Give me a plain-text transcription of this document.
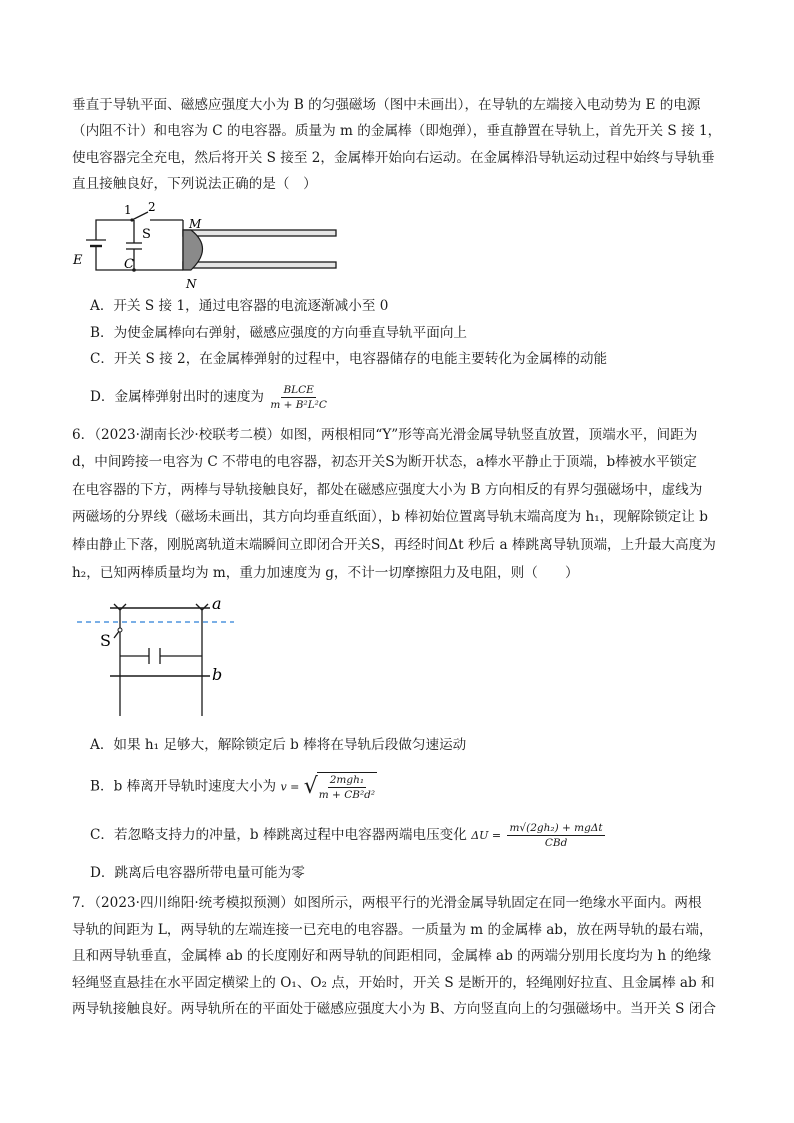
垂直于导轨平面、磁感应强度大小为 B 的匀强磁场（图中未画出），在导轨的左端接入电动势为 E 的电源
（内阻不计）和电容为 C 的电容器。质量为 m 的金属棒（即炮弹），垂直静置在导轨上，首先开关 S 接 1，
使电容器完全充电，然后将开关 S 接至 2，金属棒开始向右运动。在金属棒沿导轨运动过程中始终与导轨垂
直且接触良好，下列说法正确的是（　）
1 2
S
E	C
M
N
A．开关 S 接 1，通过电容器的电流逐渐减小至 0
B．为使金属棒向右弹射，磁感应强度的方向垂直导轨平面向上
C．开关 S 接 2，在金属棒弹射的过程中，电容器储存的电能主要转化为金属棒的动能
D．金属棒弹射出时的速度为 BLCE
m + B²L²C
6．（2023·湖南长沙·校联考二模）如图，两根相同“Y”形等高光滑金属导轨竖直放置，顶端水平，间距为
d，中间跨接一电容为 C 不带电的电容器，初态开关S为断开状态，a棒水平静止于顶端，b棒被水平锁定
在电容器的下方，两棒与导轨接触良好，都处在磁感应强度大小为 B 方向相反的有界匀强磁场中，虚线为
两磁场的分界线（磁场未画出，其方向均垂直纸面），b 棒初始位置离导轨末端高度为 h₁，现解除锁定让 b
棒由静止下落，刚脱离轨道末端瞬间立即闭合开关S，再经时间Δt 秒后 a 棒跳离导轨顶端，上升最大高度为
h₂，已知两棒质量均为 m，重力加速度为 g，不计一切摩擦阻力及电阻，则（　　）
a
S
b
A．如果 h₁ 足够大，解除锁定后 b 棒将在导轨后段做匀速运动
B．b 棒离开导轨时速度大小为 v = √ 2mgh₁
m + CB²d²
C．若忽略支持力的冲量，b 棒跳离过程中电容器两端电压变化 ΔU =
m√(2gh₂) + mgΔt
CBd
D．跳离后电容器所带电量可能为零
7．（2023·四川绵阳·统考模拟预测）如图所示，两根平行的光滑金属导轨固定在同一绝缘水平面内。两根
导轨的间距为 L，两导轨的左端连接一已充电的电容器。一质量为 m 的金属棒 ab，放在两导轨的最右端，
且和两导轨垂直，金属棒 ab 的长度刚好和两导轨的间距相同，金属棒 ab 的两端分别用长度均为 h 的绝缘
轻绳竖直悬挂在水平固定横梁上的 O₁、O₂ 点，开始时，开关 S 是断开的，轻绳刚好拉直、且金属棒 ab 和
两导轨接触良好。两导轨所在的平面处于磁感应强度大小为 B、方向竖直向上的匀强磁场中。当开关 S 闭合
